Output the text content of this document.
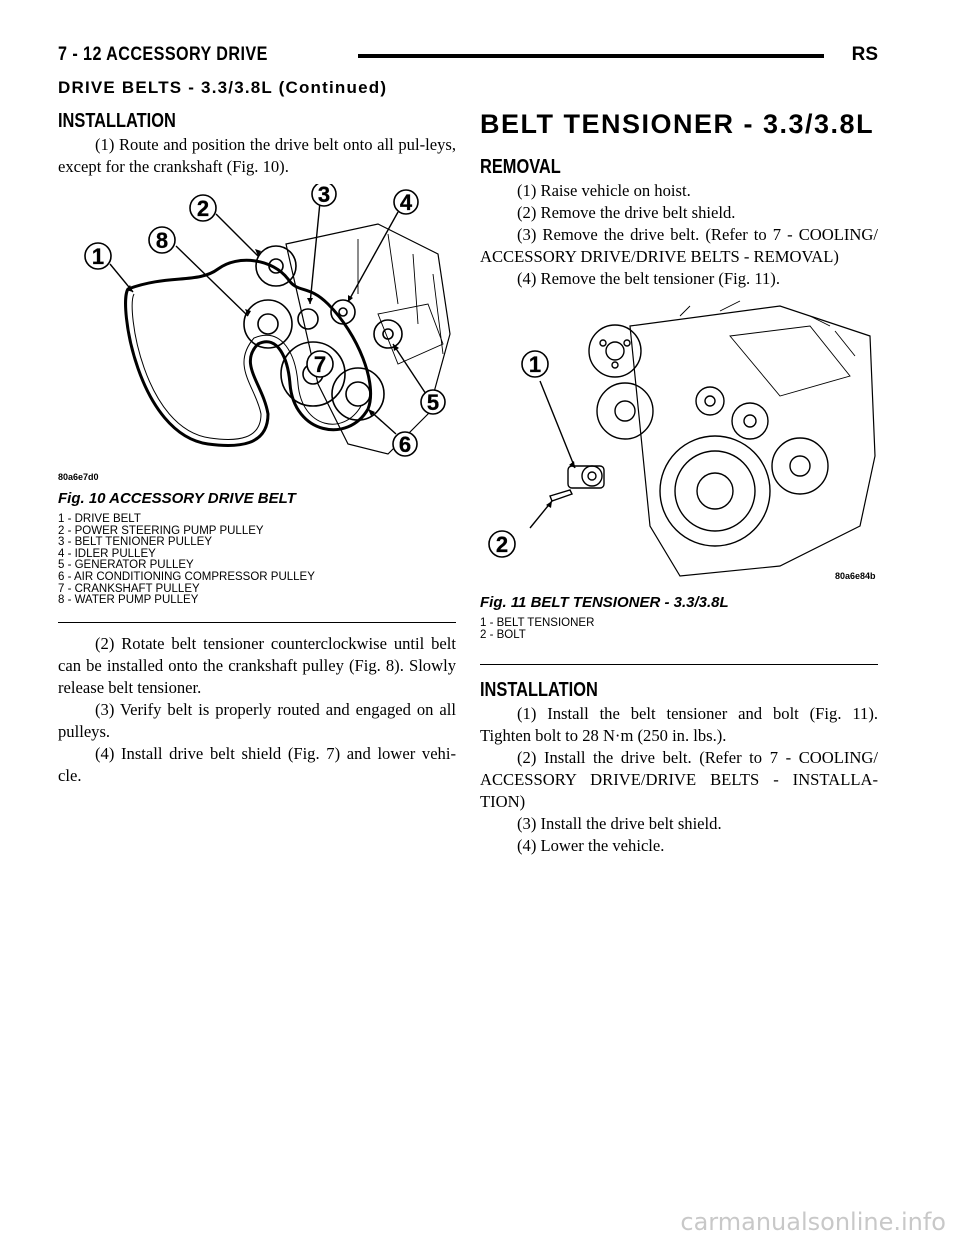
7 - 12 ACCESSORY DRIVE	RS
DRIVE BELTS - 3.3/3.8L (Continued)
INSTALLATION

(1) Route and position the drive belt onto all pul-leys, except for the crankshaft (Fig. 10).

1
2
3	4
5
6
7
8
80a6e7d0
Fig. 10 ACCESSORY DRIVE BELT
1 - DRIVE BELT
2 - POWER STEERING PUMP PULLEY
3 - BELT TENIONER PULLEY
4 - IDLER PULLEY
5 - GENERATOR PULLEY
6 - AIR CONDITIONING COMPRESSOR PULLEY
7 - CRANKSHAFT PULLEY
8 - WATER PUMP PULLEY

(2) Rotate belt tensioner counterclockwise until belt can be installed onto the crankshaft pulley (Fig. 8). Slowly release belt tensioner.

(3) Verify belt is properly routed and engaged on all pulleys.

(4) Install drive belt shield (Fig. 7) and lower vehi-cle.

BELT TENSIONER - 3.3/3.8L
REMOVAL

(1) Raise vehicle on hoist.

(2) Remove the drive belt shield.

(3) Remove the drive belt. (Refer to 7 - COOLING/ ACCESSORY DRIVE/DRIVE BELTS - REMOVAL)

(4) Remove the belt tensioner (Fig. 11).

1
2
80a6e84b
Fig. 11 BELT TENSIONER - 3.3/3.8L
1 - BELT TENSIONER
2 - BOLT
INSTALLATION

(1) Install the belt tensioner and bolt (Fig. 11). Tighten bolt to 28 N·m (250 in. lbs.).

(2) Install the drive belt. (Refer to 7 - COOLING/ ACCESSORY DRIVE/DRIVE BELTS - INSTALLA-TION)

(3) Install the drive belt shield.

(4) Lower the vehicle.

carmanualsonline.info
